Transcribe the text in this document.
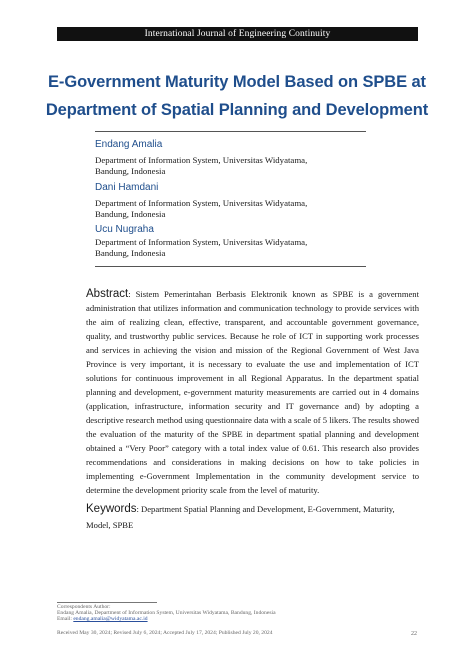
International Journal of Engineering Continuity
E-Government Maturity Model Based on SPBE at
Department of Spatial Planning and Development
Endang Amalia
Department of Information System, Universitas Widyatama,
Bandung, Indonesia
Dani Hamdani
Department of Information System, Universitas Widyatama,
Bandung, Indonesia
Ucu Nugraha
Department of Information System, Universitas Widyatama,
Bandung, Indonesia
Abstract: Sistem Pemerintahan Berbasis Elektronik known as SPBE is a government administration that utilizes information and communication technology to provide services with the aim of realizing clean, effective, transparent, and accountable government governance, quality, and trustworthy public services. Because he role of ICT in supporting work processes and services in achieving the vision and mission of the Regional Government of West Java Province is very important, it is necessary to evaluate the use and implementation of ICT solutions for continuous improvement in all Regional Apparatus. In the department spatial planning and development, e-government maturity measurements are carried out in 4 domains (application, infrastructure, information security and IT governance and) by adopting a descriptive research method using questionnaire data with a scale of 5 likers. The results showed the evaluation of the maturity of the SPBE in department spatial planning and development obtained a “Very Poor” category with a total index value of 0.61. This research also provides recommendations and considerations in making decisions on how to take policies in implementing e-Government Implementation in the community development service to determine the development priority scale from the level of maturity.
Keywords: Department Spatial Planning and Development, E-Government, Maturity, Model, SPBE
Correspondents Author:
Endang Amalia, Department of Information System, Universitas Widyatama, Bandung, Indonesia
Email: endang.amalia@widyatama.ac.id
Received May 30, 2024; Revised July 6, 2024; Accepted July 17, 2024; Published July 20, 2024	22
